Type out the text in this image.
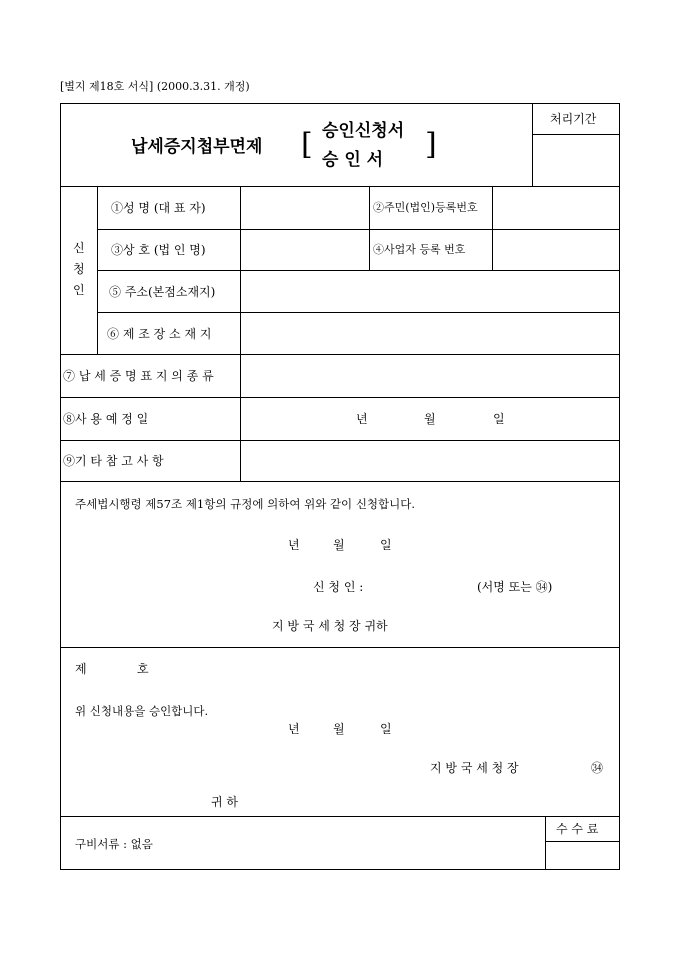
[별지 제18호 서식] (2000.3.31. 개정)
납세증지첩부면제 [ 승인신청서
승 인 서 ]
처리기간
신
청
인
①성 명 (대 표 자)	②주민(법인)등록번호
③상 호 (법 인 명)	④사업자 등록 번호
⑤ 주소(본점소재지)
⑥ 제 조 장 소 재 지
⑦ 납 세 증 명 표 지 의 종 류
⑧사 용 예 정 일	년	월	일
⑨기 타 참 고 사 항
주세법시행령 제57조 제1항의 규정에 의하여 위와 같이 신청합니다.
년	월	일
신 청 인 :	(서명 또는 ㉞)
지 방 국 세 청 장 귀하
제	호
위 신청내용을 승인합니다.
년	월	일
지 방 국 세 청 장	㉞
귀 하
구비서류 : 없음
수 수 료
